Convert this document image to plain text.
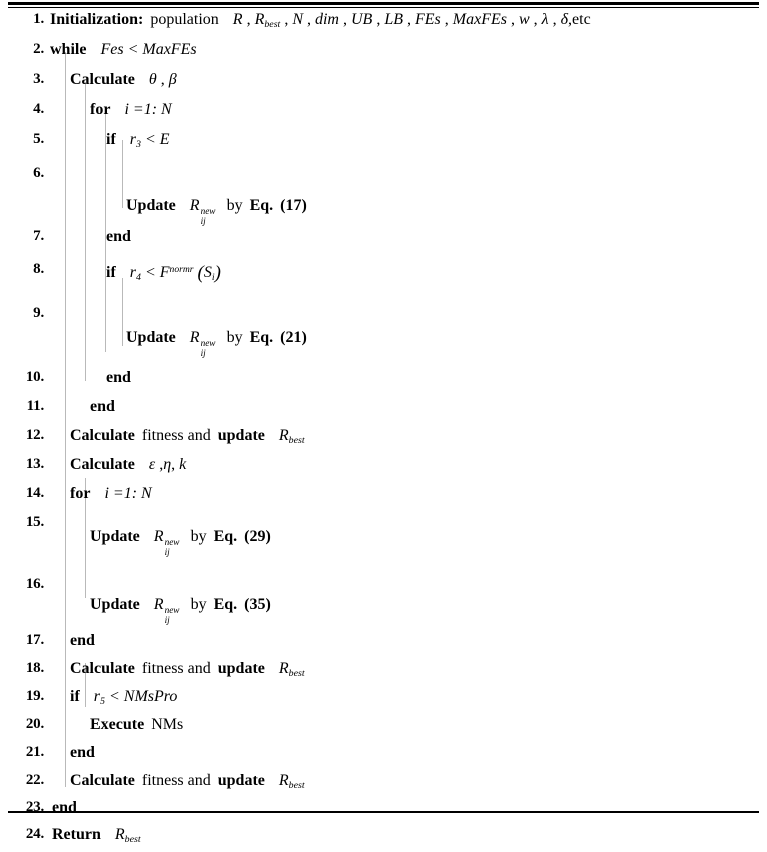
1. Initialization: population R , $R_{best}$ , N , dim , UB , LB , FEs , MaxFEs , w , λ , δ,etc
2. while Fes < MaxFEs
3. Calculate θ , β
4.	for i =1: N
5.	if $r_3 < E$
6.
Update R new
ij
by Eq. (17)
7.	end
8.	if $r_4 < F^{normr}$ $(S_i)$
9.
Update R new
ij
by Eq. (21)
10.	end
11.	end
12. Calculate fitness and update $R_{best}$
13. Calculate ε ,η, k
14. for i =1: N
15.
Update R new
ij
by Eq. (29)
16.
Update R new
ij
by Eq. (35)
17. end
18. Calculate fitness and update $R_{best}$
19. if $r_5$ < NMsPro
20.	Execute NMs
21. end
22. Calculate fitness and update $R_{best}$
23. end
24. Return $R_{best}$
